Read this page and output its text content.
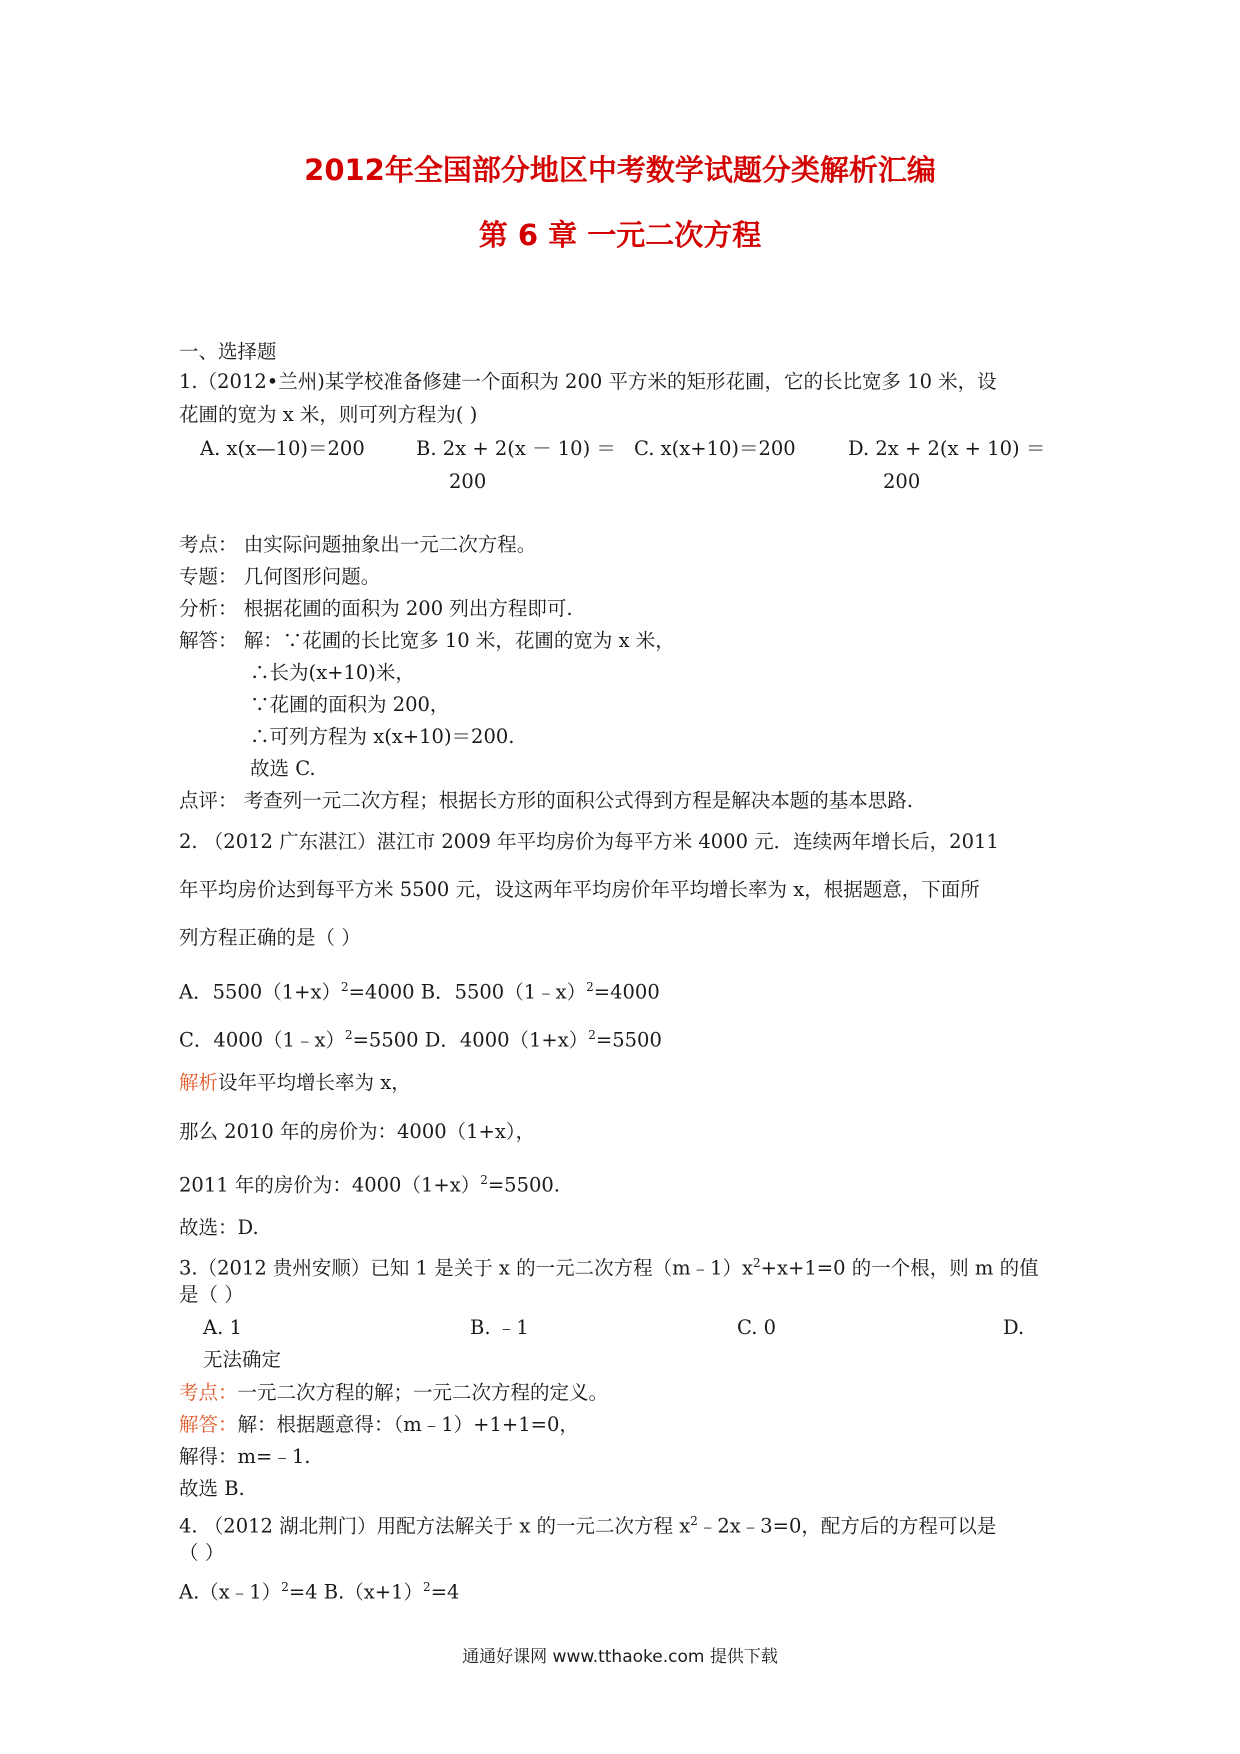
2012年全国部分地区中考数学试题分类解析汇编
第 6 章 一元二次方程
一、选择题
1.（2012•兰州)某学校准备修建一个面积为 200 平方米的矩形花圃，它的长比宽多 10 米，设
花圃的宽为 x 米，则可列方程为( )
A. x(x—10)＝200	B. 2x + 2(x － 10) ＝
200
C. x(x+10)＝200	D. 2x + 2(x + 10) ＝
200
考点： 由实际问题抽象出一元二次方程。
专题： 几何图形问题。
分析： 根据花圃的面积为 200 列出方程即可.
解答： 解：∵花圃的长比宽多 10 米，花圃的宽为 x 米，
∴长为(x+10)米，
∵花圃的面积为 200，
∴可列方程为 x(x+10)＝200.
故选 C.
点评： 考查列一元二次方程；根据长方形的面积公式得到方程是解决本题的基本思路.
2. （2012 广东湛江）湛江市 2009 年平均房价为每平方米 4000 元．连续两年增长后，2011
年平均房价达到每平方米 5500 元，设这两年平均房价年平均增长率为 x，根据题意，下面所
列方程正确的是（ ）
A．$5500(1+x)^2=4000$ B．5500（1﹣x）$^2$=4000
C．4000（1﹣x）$^2$=5500 D．$4000(1+x)^2=5500$
解析设年平均增长率为 x，
那么 2010 年的房价为：4000（1+x），
2011 年的房价为：$4000(1+x)^2=5500$.
故选：D.
3.（2012 贵州安顺）已知 1 是关于 x 的一元二次方程$(m﹣1)x^2+x+1=0$ 的一个根，则 m 的值
是（ ）
A. 1	B. ﹣1	C. 0	D.
无法确定
考点：一元二次方程的解；一元二次方程的定义。
解答：解：根据题意得：（m﹣1）+1+1=0，
解得：m=﹣1.
故选 B.
4. （2012 湖北荆门）用配方法解关于 x 的一元二次方程 $x^2﹣2x﹣3=0$，配方后的方程可以是
（ ）
A.（x﹣1）$^2$=4 $B.(x+1)^2=4$
通通好课网 www.tthaoke.com 提供下载
